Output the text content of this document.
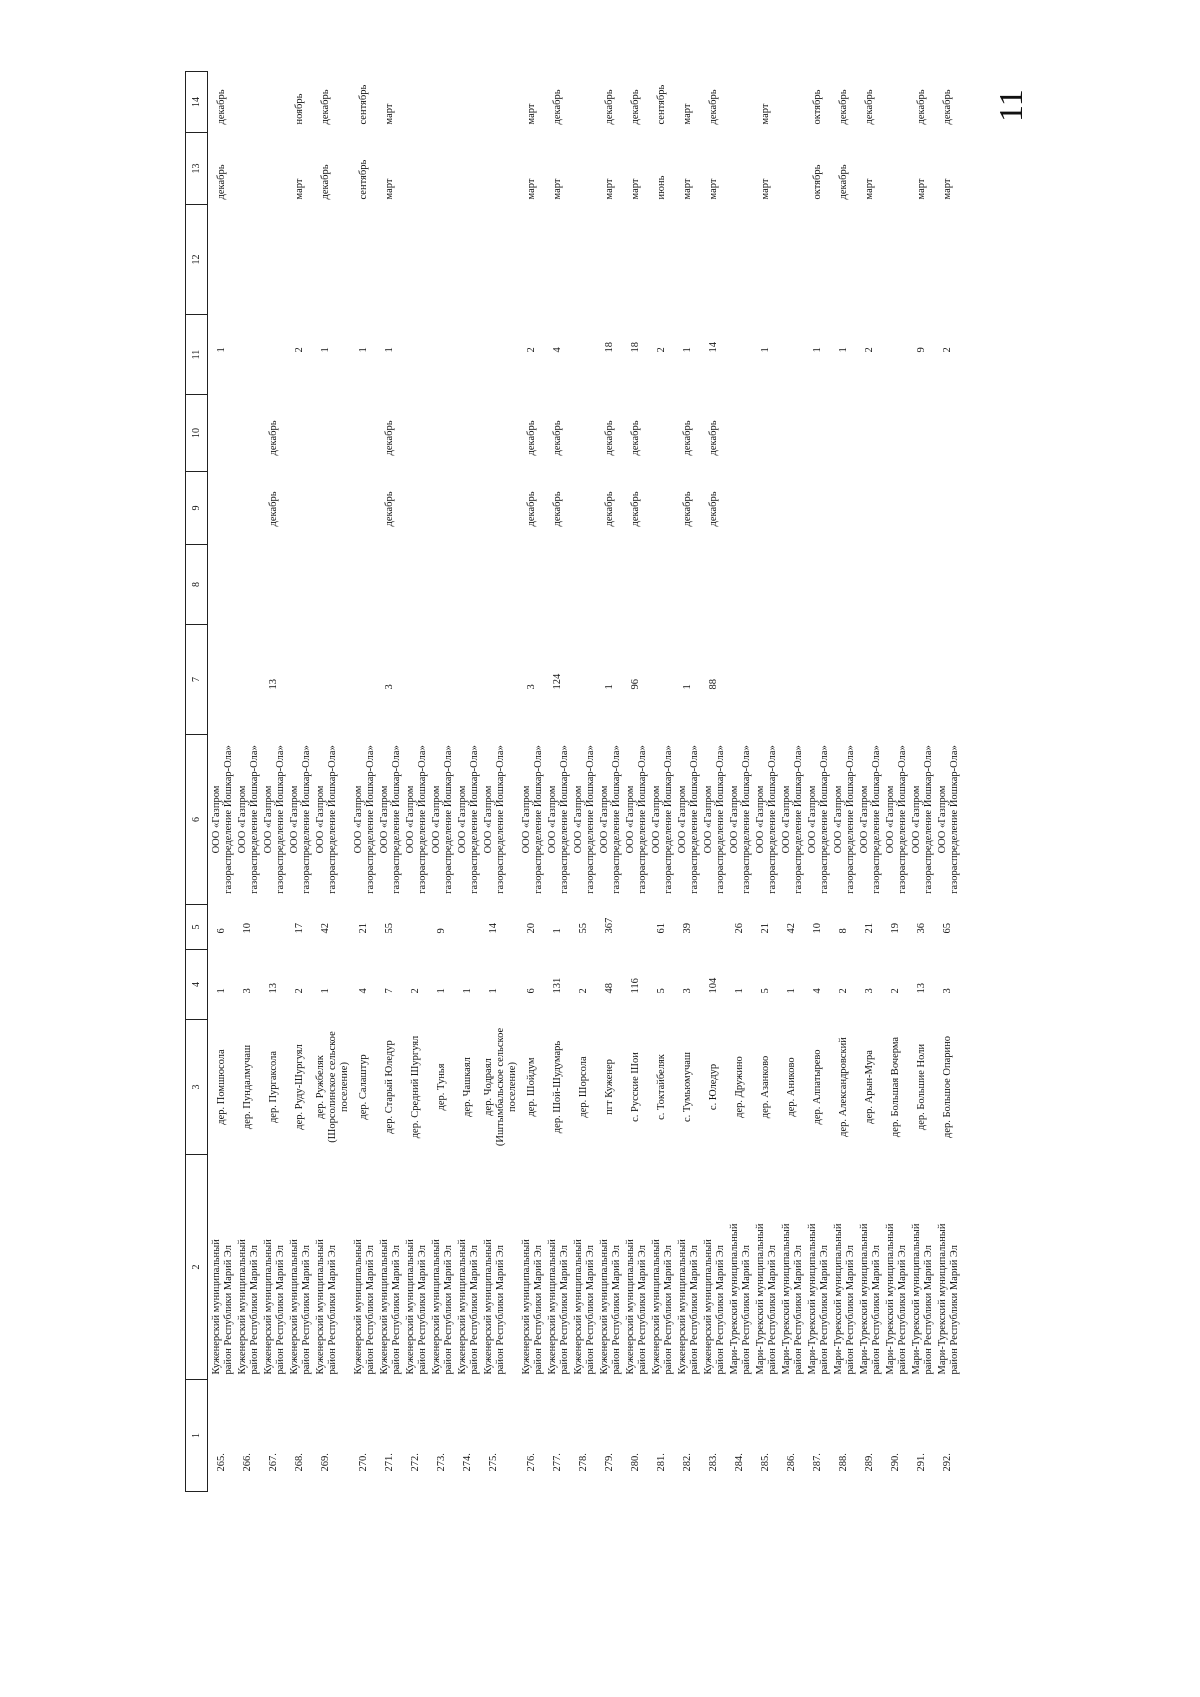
11
1	2	3	4	5	6	7	8	9	10	11	12	13	14

265.	Куженерский муниципальный район Республики Марий Эл	дер. Помшюсола	1	6	ООО «Газпром газораспределение Йошкар-Ола»					1		декабрь	декабрь

266.	Куженерский муниципальный район Республики Марий Эл	дер. Пундалмучаш	3	10	ООО «Газпром газораспределение Йошкар-Ола»								

267.	Куженерский муниципальный район Республики Марий Эл	дер. Пургаксола	13		ООО «Газпром газораспределение Йошкар-Ола»	13		декабрь	декабрь				

268.	Куженерский муниципальный район Республики Марий Эл	дер. Руду-Шургуял	2	17	ООО «Газпром газораспределение Йошкар-Ола»					2		март	ноябрь

269.	Куженерский муниципальный район Республики Марий Эл	дер. Ружбеляк (Шорсолинское сельское поселение)	1	42	ООО «Газпром газораспределение Йошкар-Ола»					1		декабрь	декабрь

270.	Куженерский муниципальный район Республики Марий Эл	дер. Салаштур	4	21	ООО «Газпром газораспределение Йошкар-Ола»					1		сентябрь	сентябрь

271.	Куженерский муниципальный район Республики Марий Эл	дер. Старый Юледур	7	55	ООО «Газпром газораспределение Йошкар-Ола»	3		декабрь	декабрь	1		март	март

272.	Куженерский муниципальный район Республики Марий Эл	дер. Средний Шургуял	2		ООО «Газпром газораспределение Йошкар-Ола»								

273.	Куженерский муниципальный район Республики Марий Эл	дер. Тунья	1	9	ООО «Газпром газораспределение Йошкар-Ола»								

274.	Куженерский муниципальный район Республики Марий Эл	дер. Чашкаял	1		ООО «Газпром газораспределение Йошкар-Ола»								

275.	Куженерский муниципальный район Республики Марий Эл	дер. Чодраял (Иштымбальское сельское поселение)	1	14	ООО «Газпром газораспределение Йошкар-Ола»								

276.	Куженерский муниципальный район Республики Марий Эл	дер. Шойдум	6	20	ООО «Газпром газораспределение Йошкар-Ола»	3		декабрь	декабрь	2		март	март

277.	Куженерский муниципальный район Республики Марий Эл	дер. Шой-Шудумарь	131	1	ООО «Газпром газораспределение Йошкар-Ола»	124		декабрь	декабрь	4		март	декабрь

278.	Куженерский муниципальный район Республики Марий Эл	дер. Шорсола	2	55	ООО «Газпром газораспределение Йошкар-Ола»								

279.	Куженерский муниципальный район Республики Марий Эл	пгт Куженер	48	367	ООО «Газпром газораспределение Йошкар-Ола»	1		декабрь	декабрь	18		март	декабрь

280.	Куженерский муниципальный район Республики Марий Эл	с. Русские Шои	116		ООО «Газпром газораспределение Йошкар-Ола»	96		декабрь	декабрь	18		март	декабрь

281.	Куженерский муниципальный район Республики Марий Эл	с. Токтайбеляк	5	61	ООО «Газпром газораспределение Йошкар-Ола»					2		июнь	сентябрь

282.	Куженерский муниципальный район Республики Марий Эл	с. Тумьюмучаш	3	39	ООО «Газпром газораспределение Йошкар-Ола»	1		декабрь	декабрь	1		март	март

283.	Куженерский муниципальный район Республики Марий Эл	с. Юледур	104		ООО «Газпром газораспределение Йошкар-Ола»	88		декабрь	декабрь	14		март	декабрь

284.	Мари-Турекский муниципальный район Республики Марий Эл	дер. Дружино	1	26	ООО «Газпром газораспределение Йошкар-Ола»								

285.	Мари-Турекский муниципальный район Республики Марий Эл	дер. Азанково	5	21	ООО «Газпром газораспределение Йошкар-Ола»					1		март	март

286.	Мари-Турекский муниципальный район Республики Марий Эл	дер. Аниково	1	42	ООО «Газпром газораспределение Йошкар-Ола»								

287.	Мари-Турекский муниципальный район Республики Марий Эл	дер. Алпатырево	4	10	ООО «Газпром газораспределение Йошкар-Ола»					1		октябрь	октябрь

288.	Мари-Турекский муниципальный район Республики Марий Эл	дер. Александровский	2	8	ООО «Газпром газораспределение Йошкар-Ола»					1		декабрь	декабрь

289.	Мари-Турекский муниципальный район Республики Марий Эл	дер. Арын-Мура	3	21	ООО «Газпром газораспределение Йошкар-Ола»					2		март	декабрь

290.	Мари-Турекский муниципальный район Республики Марий Эл	дер. Большая Вочерма	2	19	ООО «Газпром газораспределение Йошкар-Ола»								

291.	Мари-Турекский муниципальный район Республики Марий Эл	дер. Большие Ноли	13	36	ООО «Газпром газораспределение Йошкар-Ола»					9		март	декабрь

292.	Мари-Турекский муниципальный район Республики Марий Эл	дер. Большое Опарино	3	65	ООО «Газпром газораспределение Йошкар-Ола»					2		март	декабрь
